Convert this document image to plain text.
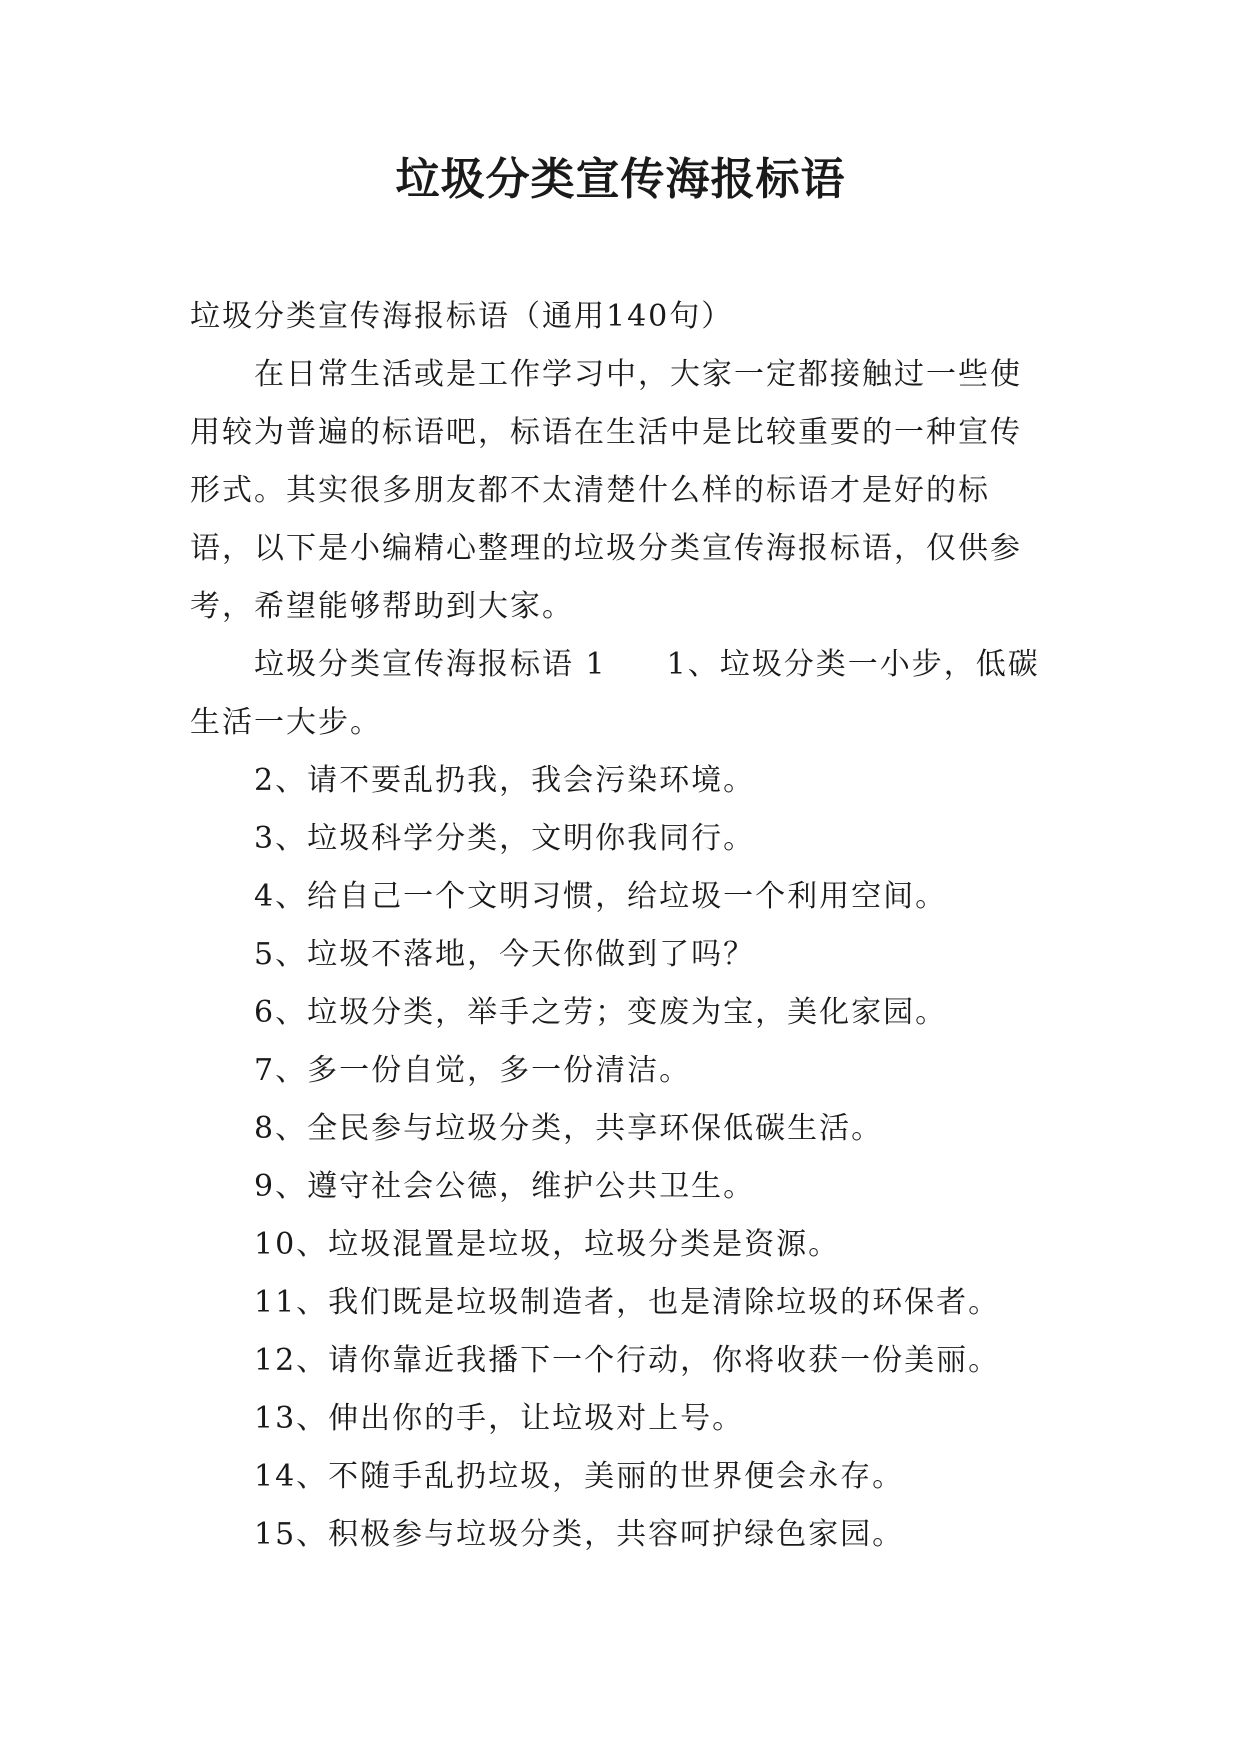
垃圾分类宣传海报标语

垃圾分类宣传海报标语（通用140句）

在日常生活或是工作学习中，大家一定都接触过一些使用较为普遍的标语吧，标语在生活中是比较重要的一种宣传形式。其实很多朋友都不太清楚什么样的标语才是好的标语，以下是小编精心整理的垃圾分类宣传海报标语，仅供参考，希望能够帮助到大家。

垃圾分类宣传海报标语 1 1、垃圾分类一小步，低碳生活一大步。

2、请不要乱扔我，我会污染环境。

3、垃圾科学分类，文明你我同行。

4、给自己一个文明习惯，给垃圾一个利用空间。

5、垃圾不落地，今天你做到了吗？

6、垃圾分类，举手之劳；变废为宝，美化家园。

7、多一份自觉，多一份清洁。

8、全民参与垃圾分类，共享环保低碳生活。

9、遵守社会公德，维护公共卫生。

10、垃圾混置是垃圾，垃圾分类是资源。

11、我们既是垃圾制造者，也是清除垃圾的环保者。

12、请你靠近我播下一个行动，你将收获一份美丽。

13、伸出你的手，让垃圾对上号。

14、不随手乱扔垃圾，美丽的世界便会永存。

15、积极参与垃圾分类，共容呵护绿色家园。
